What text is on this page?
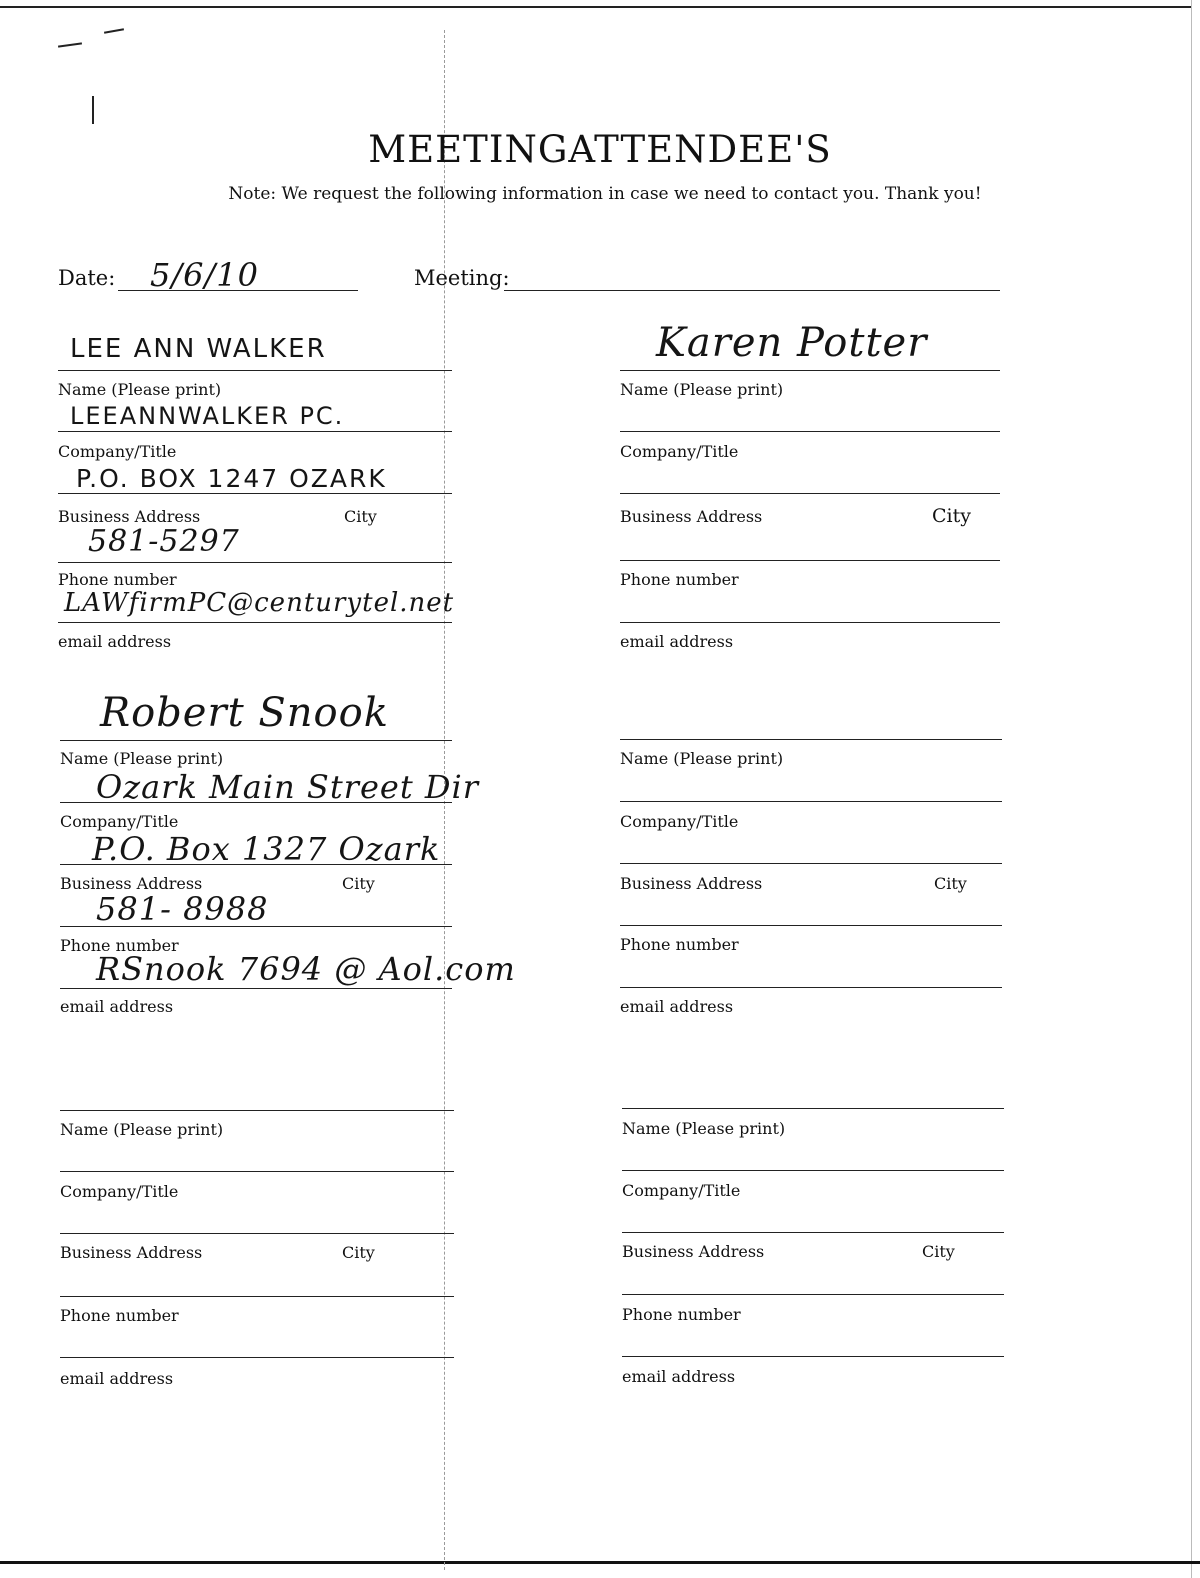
MEETINGATTENDEE'S
Note: We request the following information in case we need to contact you. Thank you!
Date: 5/6/10	Meeting:
LEE ANN WALKER
Name (Please print)
LEEANNWALKER PC.
Company/Title
P.O. BOX 1247 OZARK
Business Address	City
581-5297
Phone number
LAWfirmPC@centurytel.net
email address
Karen Potter
Name (Please print)
Company/Title
Business Address	City
Phone number
email address
Robert Snook
Name (Please print)
Ozark Main Street Dir
Company/Title
P.O. Box 1327 Ozark
Business Address	City
581- 8988
Phone number
RSnook 7694 @ Aol.com
email address
Name (Please print)
Company/Title
Business Address	City
Phone number
email address
Name (Please print)
Company/Title
Business Address	City
Phone number
email address
Name (Please print)
Company/Title
Business Address	City
Phone number
email address
